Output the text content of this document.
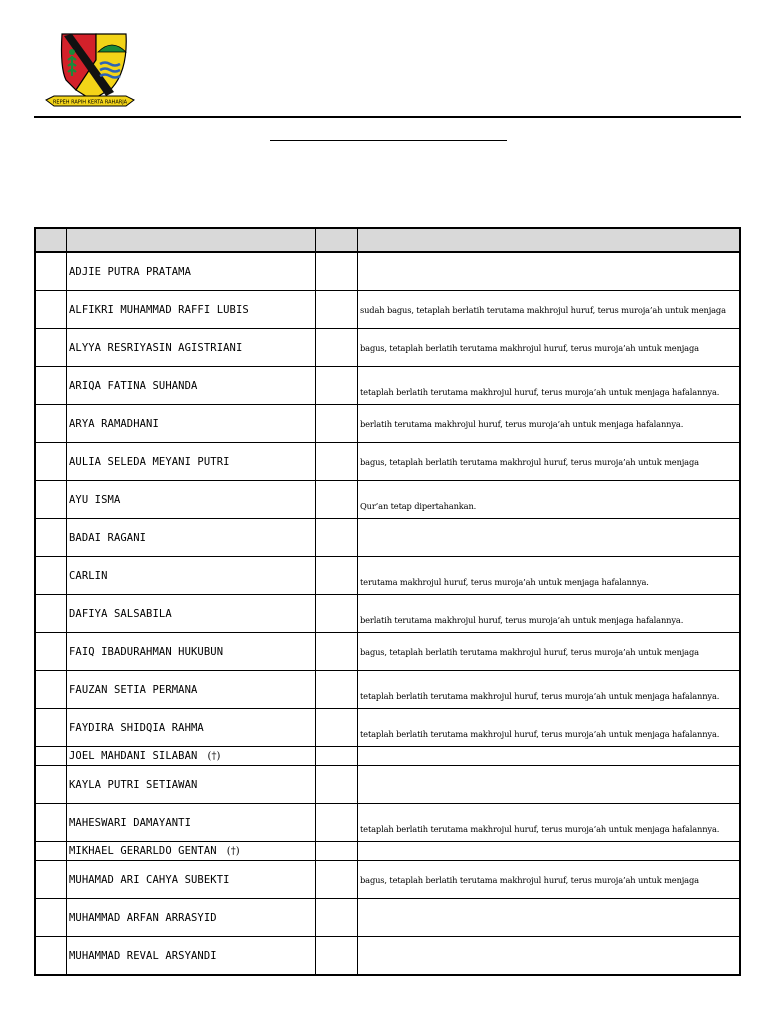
REPEH RAPIH KERTA RAHARJA

	ADJIE PUTRA PRATAMA		

	ALFIKRI MUHAMMAD RAFFI LUBIS		sudah bagus, tetaplah berlatih terutama makhrojul huruf, terus muroja’ah untuk menjaga

	ALYYA RESRIYASIN AGISTRIANI		bagus, tetaplah berlatih terutama makhrojul huruf, terus muroja’ah untuk menjaga

	ARIQA FATINA SUHANDA		tetaplah berlatih terutama makhrojul huruf, terus muroja’ah untuk menjaga hafalannya.

	ARYA RAMADHANI		berlatih terutama makhrojul huruf, terus muroja’ah untuk menjaga hafalannya.

	AULIA SELEDA MEYANI PUTRI		bagus, tetaplah berlatih terutama makhrojul huruf, terus muroja’ah untuk menjaga

	AYU ISMA		Qur’an tetap dipertahankan.

	BADAI RAGANI		

	CARLIN		terutama makhrojul huruf, terus muroja’ah untuk menjaga hafalannya.

	DAFIYA SALSABILA		berlatih terutama makhrojul huruf, terus muroja’ah untuk menjaga hafalannya.

	FAIQ IBADURAHMAN HUKUBUN		bagus, tetaplah berlatih terutama makhrojul huruf, terus muroja’ah untuk menjaga

	FAUZAN SETIA PERMANA		tetaplah berlatih terutama makhrojul huruf, terus muroja’ah untuk menjaga hafalannya.

	FAYDIRA SHIDQIA RAHMA		tetaplah berlatih terutama makhrojul huruf, terus muroja’ah untuk menjaga hafalannya.

	JOEL MAHDANI SILABAN (†)		

	KAYLA PUTRI SETIAWAN		

	MAHESWARI DAMAYANTI		tetaplah berlatih terutama makhrojul huruf, terus muroja’ah untuk menjaga hafalannya.

	MIKHAEL GERARLDO GENTAN (†)		

	MUHAMAD ARI CAHYA SUBEKTI		bagus, tetaplah berlatih terutama makhrojul huruf, terus muroja’ah untuk menjaga

	MUHAMMAD ARFAN ARRASYID		

	MUHAMMAD REVAL ARSYANDI		
